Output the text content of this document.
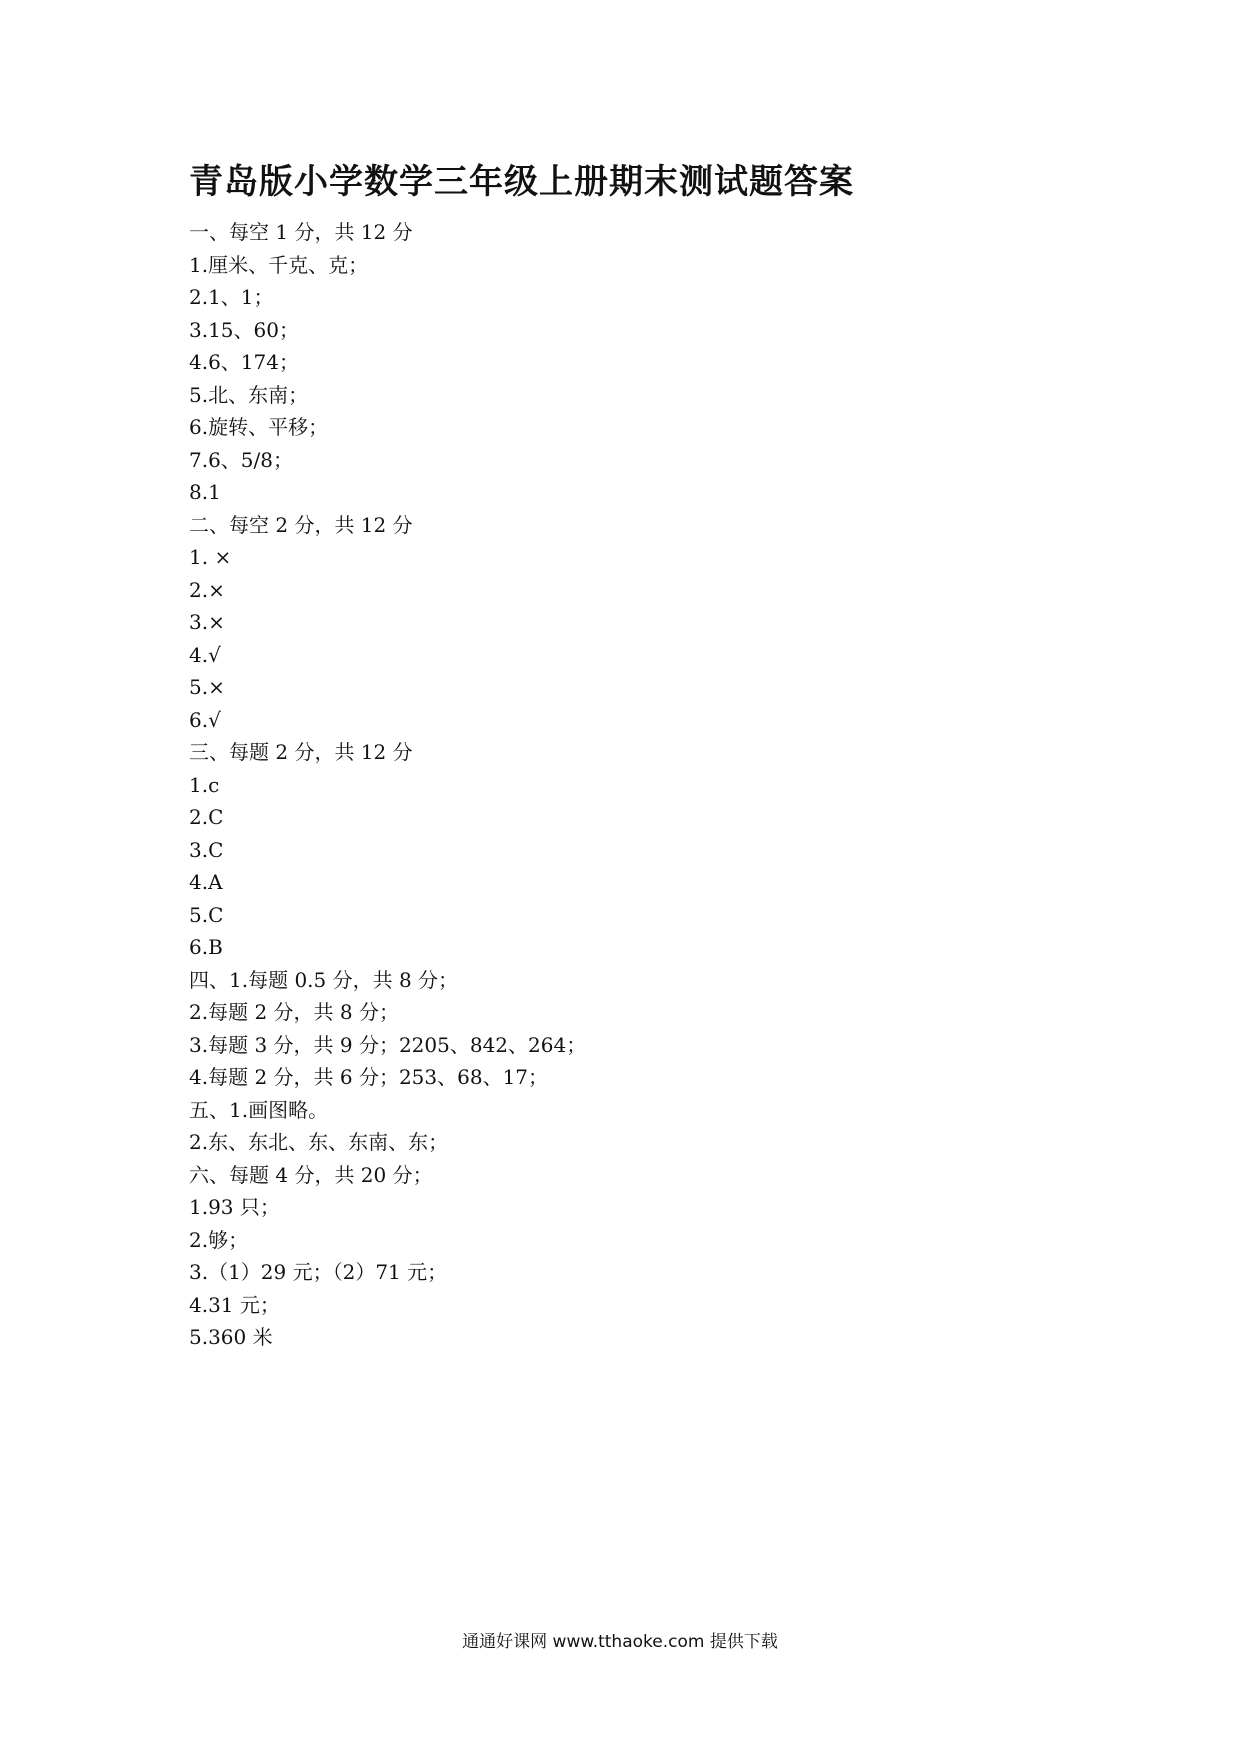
青岛版小学数学三年级上册期末测试题答案
一、每空 1 分，共 12 分
1.厘米、千克、克；
2.1、1；
3.15、60；
4.6、174；
5.北、东南；
6.旋转、平移；
7.6、5/8；
8.1
二、每空 2 分，共 12 分
1. ×
2.×
3.×
4.√
5.×
6.√
三、每题 2 分，共 12 分
1.c
2.C
3.C
4.A
5.C
6.B
四、1.每题 0.5 分，共 8 分；
2.每题 2 分，共 8 分；
3.每题 3 分，共 9 分；2205、842、264；
4.每题 2 分，共 6 分；253、68、17；
五、1.画图略。
2.东、东北、东、东南、东；
六、每题 4 分，共 20 分；
1.93 只；
2.够；
3.（1）29 元；（2）71 元；
4.31 元；
5.360 米
通通好课网 www.tthaoke.com 提供下载
